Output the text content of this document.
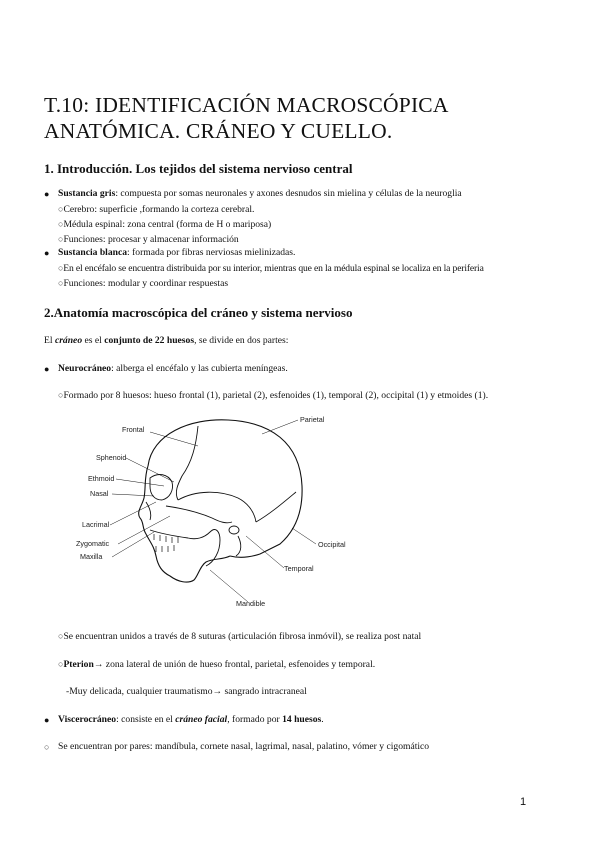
T.10: IDENTIFICACIÓN MACROSCÓPICA
ANATÓMICA. CRÁNEO Y CUELLO.
1. Introducción. Los tejidos del sistema nervioso central
● Sustancia gris: compuesta por somas neuronales y axones desnudos sin mielina y células de la neuroglia
○Cerebro: superficie ,formando la corteza cerebral.
○Médula espinal: zona central (forma de H o mariposa)
○Funciones: procesar y almacenar información
● Sustancia blanca: formada por fibras nerviosas mielinizadas.
○En el encéfalo se encuentra distribuida por su interior, mientras que en la médula espinal se localiza en la periferia
○Funciones: modular y coordinar respuestas
2.Anatomía macroscópica del cráneo y sistema nervioso
El cráneo es el conjunto de 22 huesos, se divide en dos partes:
● Neurocráneo: alberga el encéfalo y las cubierta meníngeas.
○Formado por 8 huesos: hueso frontal (1), parietal (2), esfenoides (1), temporal (2), occipital (1) y etmoides (1).
Frontal
Parietal
Sphenoid
Ethmoid
Nasal
Lacrimal
Zygomatic
Maxilla
Occipital
Temporal
Mandible
○Se encuentran unidos a través de 8 suturas (articulación fibrosa inmóvil), se realiza post natal
○Pterion→ zona lateral de unión de hueso frontal, parietal, esfenoides y temporal.
-Muy delicada, cualquier traumatismo→ sangrado intracraneal
● Viscerocráneo: consiste en el cráneo facial, formado por 14 huesos.
○ Se encuentran por pares: mandíbula, cornete nasal, lagrimal, nasal, palatino, vómer y cigomático
1
